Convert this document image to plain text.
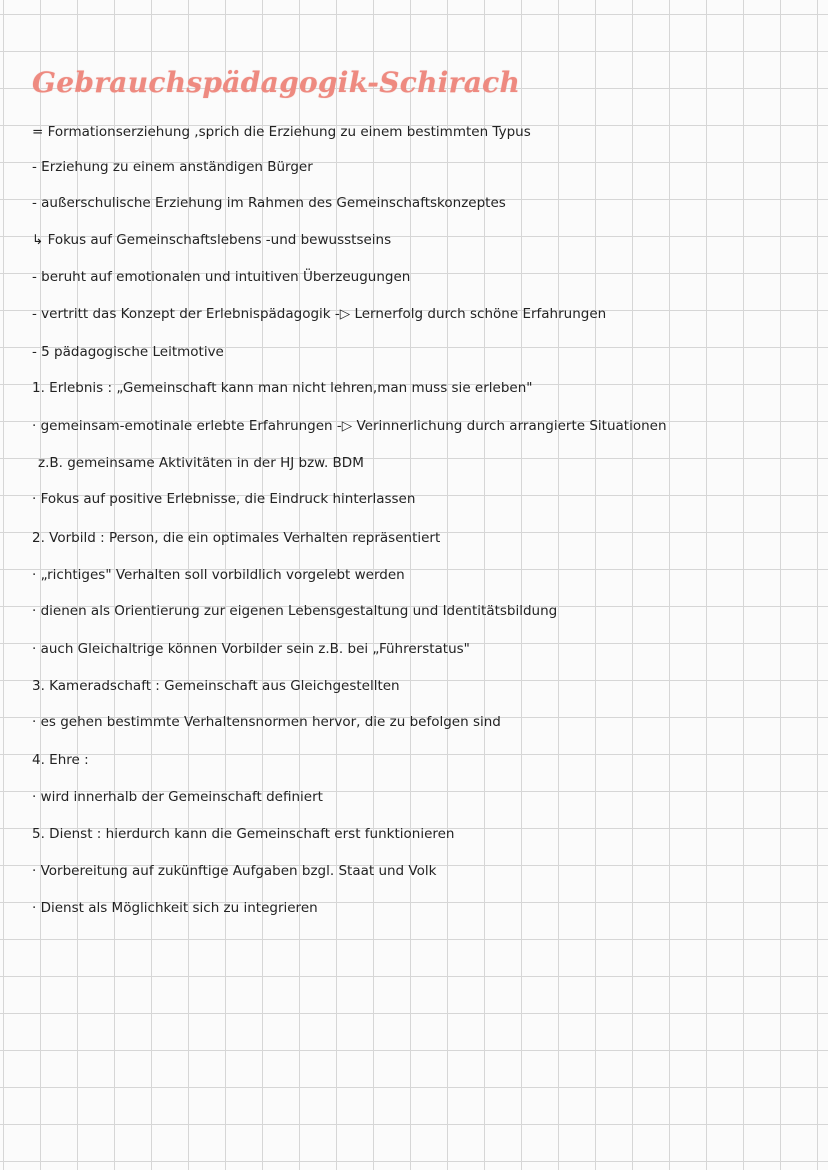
Gebrauchspädagogik-Schirach

= Formationserziehung ,sprich die Erziehung zu einem bestimmten Typus

- Erziehung zu einem anständigen Bürger

- außerschulische Erziehung im Rahmen des Gemeinschaftskonzeptes

↳ Fokus auf Gemeinschaftslebens -und bewusstseins

- beruht auf emotionalen und intuitiven Überzeugungen

- vertritt das Konzept der Erlebnispädagogik -▷ Lernerfolg durch schöne Erfahrungen

- 5 pädagogische Leitmotive

1. Erlebnis : „Gemeinschaft kann man nicht lehren,man muss sie erleben"

· gemeinsam-emotinale erlebte Erfahrungen -▷ Verinnerlichung durch arrangierte Situationen

z.B. gemeinsame Aktivitäten in der HJ bzw. BDM

· Fokus auf positive Erlebnisse, die Eindruck hinterlassen

2. Vorbild : Person, die ein optimales Verhalten repräsentiert

· „richtiges" Verhalten soll vorbildlich vorgelebt werden

· dienen als Orientierung zur eigenen Lebensgestaltung und Identitätsbildung

· auch Gleichaltrige können Vorbilder sein z.B. bei „Führerstatus"

3. Kameradschaft : Gemeinschaft aus Gleichgestellten

· es gehen bestimmte Verhaltensnormen hervor, die zu befolgen sind

4. Ehre :

· wird innerhalb der Gemeinschaft definiert

5. Dienst : hierdurch kann die Gemeinschaft erst funktionieren

· Vorbereitung auf zukünftige Aufgaben bzgl. Staat und Volk

· Dienst als Möglichkeit sich zu integrieren
